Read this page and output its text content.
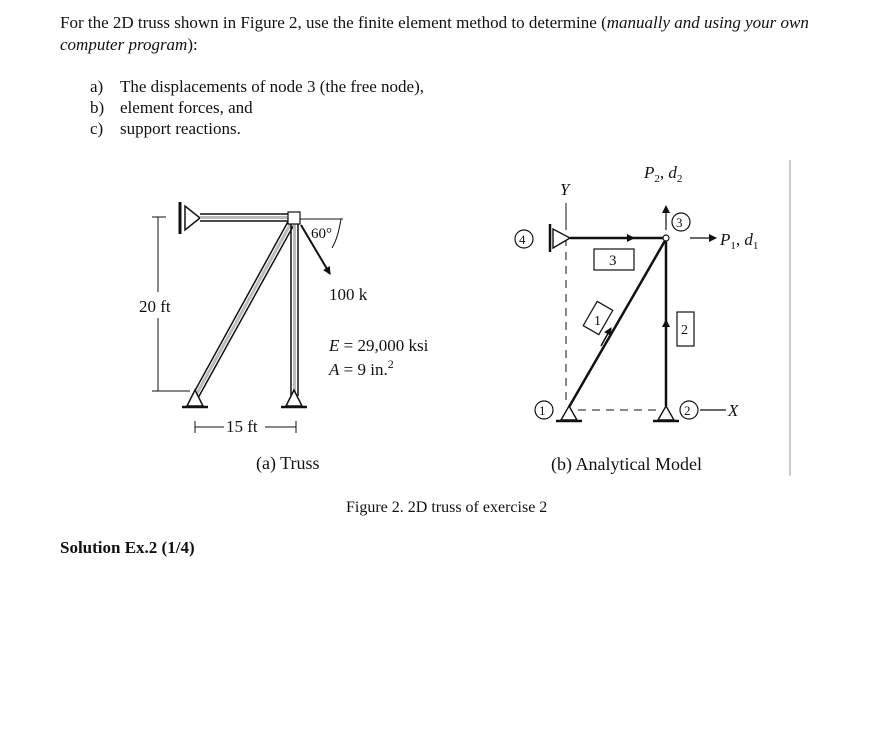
For the 2D truss shown in Figure 2, use the finite element method to determine (manually and using your own computer program):

a) The displacements of node 3 (the free node),
b) element forces, and
c) support reactions.
60°
100 k
20 ft
15 ft
E = 29,000 ksi
A = 9 in.$^2$
(a) Truss
Y
X
1
2
3
4
3
1	2
$P_2$, $d_2$
$P_1$, $d_1$
(b) Analytical Model
Figure 2. 2D truss of exercise 2
Solution Ex.2 (1/4)
